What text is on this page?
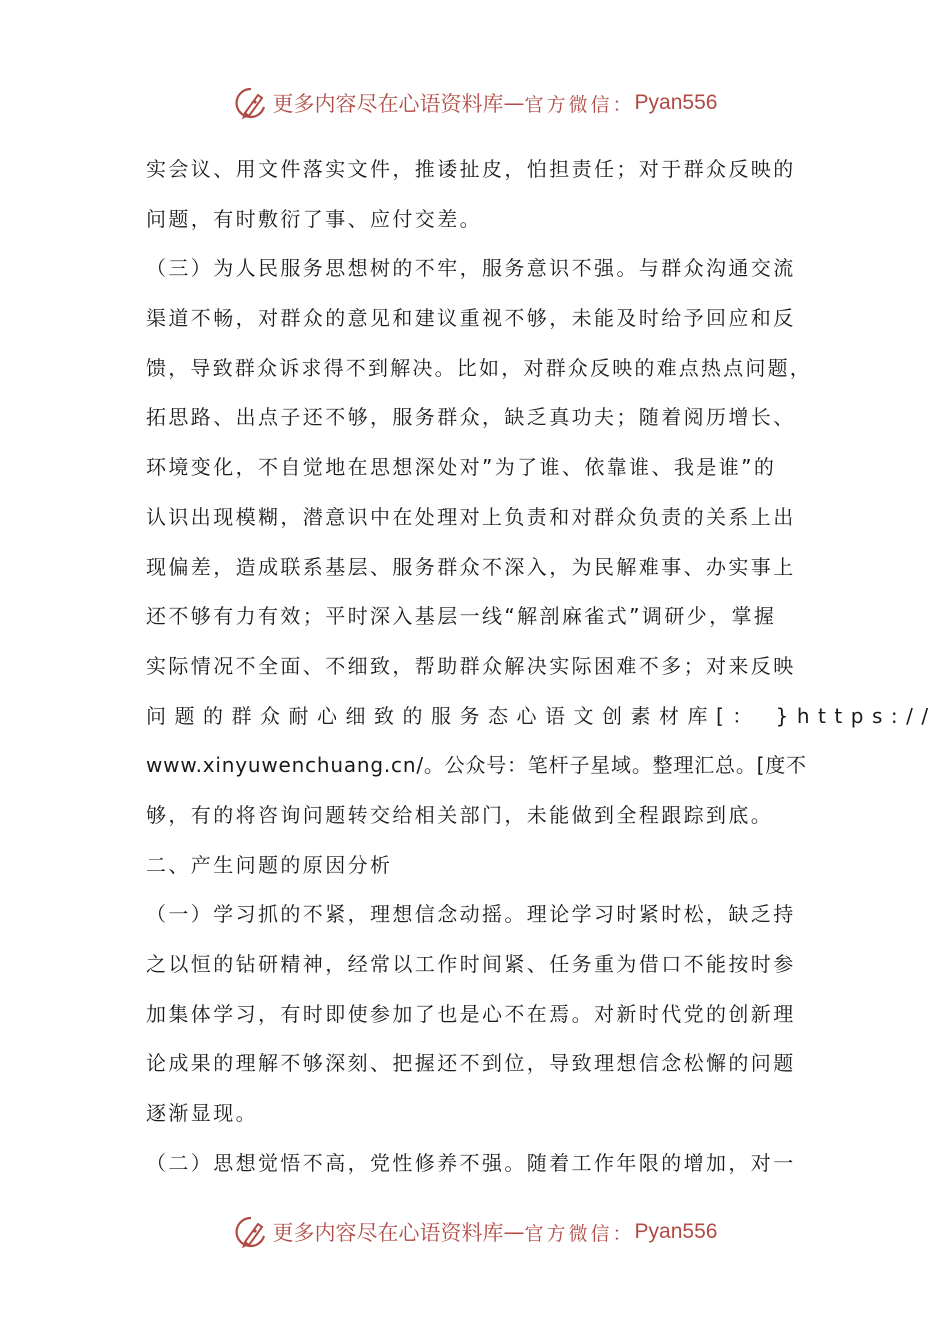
更多内容尽在心语资料库 — 官方微信： Pyan556
实会议、用文件落实文件，推诿扯皮，怕担责任；对于群众反映的
问题，有时敷衍了事、应付交差。
（三）为人民服务思想树的不牢，服务意识不强。与群众沟通交流
渠道不畅，对群众的意见和建议重视不够，未能及时给予回应和反
馈，导致群众诉求得不到解决。比如，对群众反映的难点热点问题，
拓思路、出点子还不够，服务群众，缺乏真功夫；随着阅历增长、
环境变化，不自觉地在思想深处对”为了谁、依靠谁、我是谁”的
认识出现模糊，潜意识中在处理对上负责和对群众负责的关系上出
现偏差，造成联系基层、服务群众不深入，为民解难事、办实事上
还不够有力有效；平时深入基层一线“解剖麻雀式”调研少，掌握
实际情况不全面、不细致，帮助群众解决实际困难不多；对来反映
问题的群众耐心细致的服务态心语文创素材库[： }https://
www.xinyuwenchuang.cn/。公众号：笔杆子星域。整理汇总。[度不
够，有的将咨询问题转交给相关部门，未能做到全程跟踪到底。
二、产生问题的原因分析
（一）学习抓的不紧，理想信念动摇。理论学习时紧时松，缺乏持
之以恒的钻研精神，经常以工作时间紧、任务重为借口不能按时参
加集体学习，有时即使参加了也是心不在焉。对新时代党的创新理
论成果的理解不够深刻、把握还不到位，导致理想信念松懈的问题
逐渐显现。
（二）思想觉悟不高，党性修养不强。随着工作年限的增加，对一
更多内容尽在心语资料库 — 官方微信： Pyan556
